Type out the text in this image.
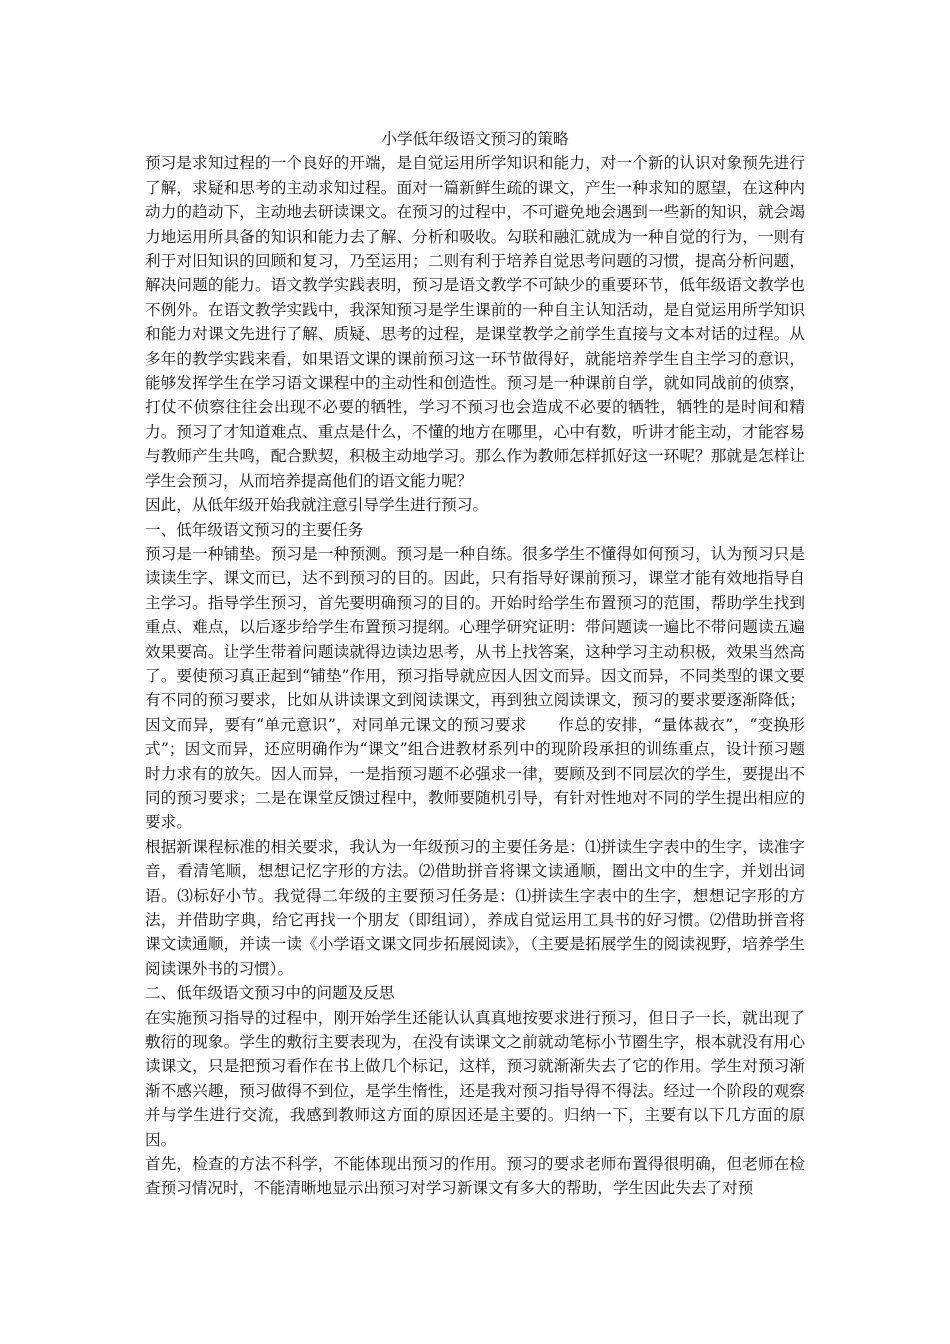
小学低年级语文预习的策略
预习是求知过程的一个良好的开端，是自觉运用所学知识和能力，对一个新的认识对象预先进行了解，求疑和思考的主动求知过程。面对一篇新鲜生疏的课文，产生一种求知的愿望，在这种内动力的趋动下，主动地去研读课文。在预习的过程中，不可避免地会遇到一些新的知识，就会竭力地运用所具备的知识和能力去了解、分析和吸收。勾联和融汇就成为一种自觉的行为，一则有利于对旧知识的回顾和复习，乃至运用；二则有利于培养自觉思考问题的习惯，提高分析问题，解决问题的能力。语文教学实践表明，预习是语文教学不可缺少的重要环节，低年级语文教学也不例外。在语文教学实践中，我深知预习是学生课前的一种自主认知活动，是自觉运用所学知识和能力对课文先进行了解、质疑、思考的过程，是课堂教学之前学生直接与文本对话的过程。从多年的教学实践来看，如果语文课的课前预习这一环节做得好，就能培养学生自主学习的意识，能够发挥学生在学习语文课程中的主动性和创造性。预习是一种课前自学，就如同战前的侦察，打仗不侦察往往会出现不必要的牺牲，学习不预习也会造成不必要的牺牲，牺牲的是时间和精力。预习了才知道难点、重点是什么，不懂的地方在哪里，心中有数，听讲才能主动，才能容易与教师产生共鸣，配合默契，积极主动地学习。那么作为教师怎样抓好这一环呢？那就是怎样让学生会预习，从而培养提高他们的语文能力呢？
因此，从低年级开始我就注意引导学生进行预习。
一、低年级语文预习的主要任务
预习是一种铺垫。预习是一种预测。预习是一种自练。很多学生不懂得如何预习，认为预习只是读读生字、课文而已，达不到预习的目的。因此，只有指导好课前预习，课堂才能有效地指导自主学习。指导学生预习，首先要明确预习的目的。开始时给学生布置预习的范围，帮助学生找到重点、难点，以后逐步给学生布置预习提纲。心理学研究证明：带问题读一遍比不带问题读五遍效果要高。让学生带着问题读就得边读边思考，从书上找答案，这种学习主动积极，效果当然高了。要使预习真正起到“铺垫”作用，预习指导就应因人因文而异。因文而异，不同类型的课文要有不同的预习要求，比如从讲读课文到阅读课文，再到独立阅读课文，预习的要求要逐渐降低；因文而异，要有“单元意识”，对同单元课文的预习要求　　作总的安排，“量体裁衣”，“变换形式”；因文而异，还应明确作为“课文”组合进教材系列中的现阶段承担的训练重点，设计预习题时力求有的放矢。因人而异，一是指预习题不必强求一律，要顾及到不同层次的学生，要提出不同的预习要求；二是在课堂反馈过程中，教师要随机引导，有针对性地对不同的学生提出相应的要求。
根据新课程标准的相关要求，我认为一年级预习的主要任务是：⑴拼读生字表中的生字，读准字音，看清笔顺，想想记忆字形的方法。⑵借助拼音将课文读通顺，圈出文中的生字，并划出词语。⑶标好小节。我觉得二年级的主要预习任务是：⑴拼读生字表中的生字，想想记字形的方法，并借助字典，给它再找一个朋友（即组词），养成自觉运用工具书的好习惯。⑵借助拼音将课文读通顺，并读一读《小学语文课文同步拓展阅读》，（主要是拓展学生的阅读视野，培养学生阅读课外书的习惯）。
二、低年级语文预习中的问题及反思
在实施预习指导的过程中，刚开始学生还能认认真真地按要求进行预习，但日子一长，就出现了敷衍的现象。学生的敷衍主要表现为，在没有读课文之前就动笔标小节圈生字，根本就没有用心读课文，只是把预习看作在书上做几个标记，这样，预习就渐渐失去了它的作用。学生对预习渐渐不感兴趣，预习做得不到位，是学生惰性，还是我对预习指导得不得法。经过一个阶段的观察并与学生进行交流，我感到教师这方面的原因还是主要的。归纳一下，主要有以下几方面的原因。
首先，检查的方法不科学，不能体现出预习的作用。预习的要求老师布置得很明确，但老师在检查预习情况时，不能清晰地显示出预习对学习新课文有多大的帮助，学生因此失去了对预
